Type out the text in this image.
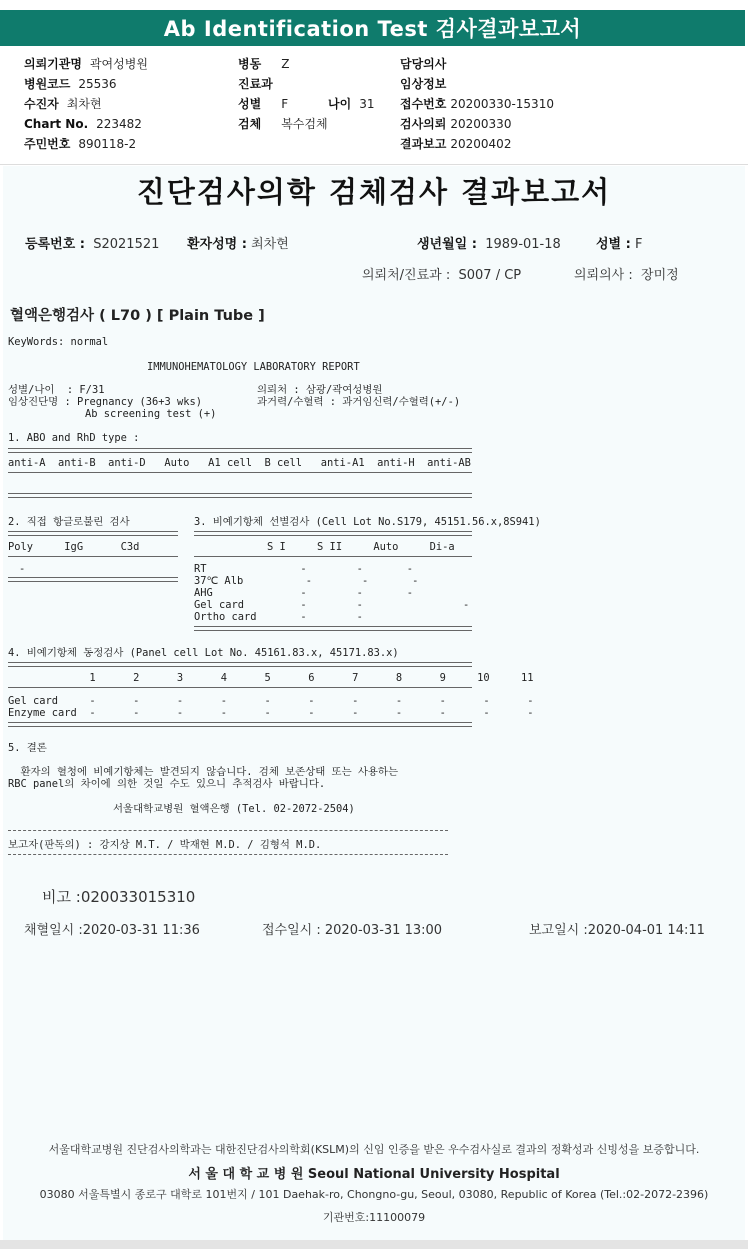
Ab Identification Test 검사결과보고서
의뢰기관명 곽여성병원
병원코드 25536
수진자 최차현
Chart No. 223482
주민번호 890118-2
병동 Z
진료과
성별 F
검체 복수검체
나이 31
담당의사
임상정보
접수번호 20200330-15310
검사의뢰 20200330
결과보고 20200402
진단검사의학 검체검사 결과보고서
등록번호 : S2021521 환자성명 : 최차현	생년월일 : 1989-01-18	성별 : F
의뢰처/진료과 : S007 / CP	의뢰의사 : 장미정
혈액은행검사 ( L70 ) [ Plain Tube ]
KeyWords: normal
IMMUNOHEMATOLOGY LABORATORY REPORT
성별/나이  : F/31
임상진단명 : Pregnancy (36+3 wks)
Ab screening test (+)
의뢰처 : 삼광/곽여성병원
과거력/수혈력 : 과거임신력/수혈력(+/-)
1. ABO and RhD type :
anti-A  anti-B  anti-D   Auto   A1 cell  B cell   anti-A1  anti-H  anti-AB
2. 직접 항글로불린 검사
Poly     IgG      C3d
-
3. 비예기항체 선별검사 (Cell Lot No.S179, 45151.56.x,8S941)
S I     S II     Auto     Di-a
RT               -        -       -
37℃ Alb          -        -       -
AHG              -        -       -
Gel card         -        -                -
Ortho card       -        -
4. 비예기항체 동정검사 (Panel cell Lot No. 45161.83.x, 45171.83.x)
1      2      3      4      5      6      7      8      9     10     11
Gel card     -      -      -      -      -      -      -      -      -      -      -
Enzyme card  -      -      -      -      -      -      -      -      -      -      -
5. 결론
환자의 혈청에 비예기항체는 발견되지 않습니다. 검체 보존상태 또는 사용하는
RBC panel의 차이에 의한 것일 수도 있으니 추적검사 바랍니다.
서울대학교병원 혈액은행 (Tel. 02-2072-2504)
보고자(판독의) : 강지상 M.T. / 박재현 M.D. / 김형석 M.D.
비고 :020033015310
채혈일시 :2020-03-31 11:36	접수일시 : 2020-03-31 13:00	보고일시 :2020-04-01 14:11
서울대학교병원 진단검사의학과는 대한진단검사의학회(KSLM)의 신임 인증을 받은 우수검사실로 결과의 정확성과 신빙성을 보증합니다.
서 울 대 학 교 병 원 Seoul National University Hospital
03080 서울특별시 종로구 대학로 101번지 / 101 Daehak-ro, Chongno-gu, Seoul, 03080, Republic of Korea (Tel.:02-2072-2396)
기관번호:11100079
